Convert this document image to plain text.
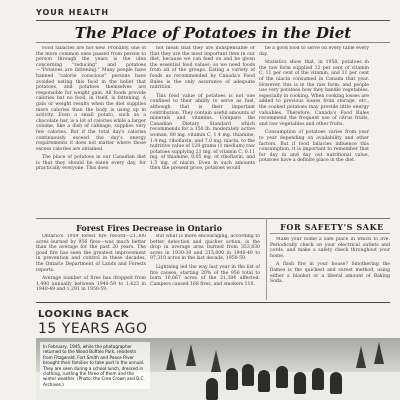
YOUR HEALTH
The Place of Potatoes in the Diet

Food fallacies are not new. Probably, one of the more common ones passed from person to person through the years is the idea concerning "reducing" and potatoes—"Potatoes are fattening." Many people have banned "calorie conscious" persons have avoided eating this food in the belief that potatoes, and potatoes themselves are responsible for weight gain. All foods provide calories but no food, in itself, is fattening. A gain or weight results when the diet supplies more calories than the body is using up in activity. Even a small potato, such as a chocolate bar, is a lot of calories while a larger volume, like a dish of cabbage, supplies very few calories. But if the total day's calories continuously exceed the day's energy requirements it does not matter where those excess calories are obtained.

The place of potatoes in our Canadian diet is that they should be eaten every day, for practically everyone. This does

not mean that they are indispensable or that they are the most important item in our diet, because we can feed on and be given the essential food values; so we need foods from all of the groups. Eating a variety of foods as recommended by Canada's Food Rules is the only assurance of adequate nutrition.

This food value of potatoes is not one confined to their ability to serve as fuel, although that is their important contribution. They contain useful amounts of minerals and vitamins. Compare the Canadian Dietary Standard which recommends for a 150 lb. moderately active woman, 80 mg. vitamin C, 1.4 mg. thiamine, 1.4 mg. riboflavin, and 7.0 mg. niacin, to the nutritive value of 120 grams (1 medium) raw potatoes supplying 21 mg. of vitamin C, 0.11 mg. of thiamine, 0.05 mg. of riboflavin, and 1.5 mg. of niacin. Even in such amounts then the present price, potatoes would

be a good food to serve on every table every day.

Statistics show that, in 1958, potatoes in the raw form supplied 22 per cent of vitamin C, 11 per cent of the vitamin, and 11 per cent of the niacin consumed in Canada that year. However, this is in the raw form, and people use very potatoes how they handle vegetables, especially in cooking. When cooking losses are added to previous losses from storage, etc., the cooked potatoes may provide little energy valuables. Therefore, Canada's Food Rules recommend the frequent use of citrus fruits, and raw vegetables and other fruits.

Consumption of potatoes varies from year to year depending on availability and other factors. But if food fallacies influence this consumption, it is important to remember that for day in and day out nutritional value, potatoes have a definite place in the diet.

Forest Fires Decrease in Ontario

Ontario's 1959 forest fire record—21,300 acres burned by 956 fires—was much better than the average for the past 20 years. The good fire has seen the greatest improvement in prevention and control in these decades, the Ontario Department of Lands and Forests reports.

Average number of fires has dropped from 1,490 annually between 1940-59 to 1,423 in 1940-49 and 1,291 in 1950-59.

But what is more encouraging, according to better detection and quicker action, is the drop in average area burned from 353,830 acres in 1930-39 and 215,000 in 1940-49 to 97,310 acres in the last decade, 1950-59.

Lightning led the way last year in the list of fire causes, starting 20% of the 956 total to burn 10,667 acres of the 21,384 affected. Campers caused 168 fires, and smokers 110.

FOR SAFETY'S SAKE

Make your home a safe place in which to live. Periodically check on your electrical outlets and cords, and make a safety check throughout your home.

A flash fire in your house? Smothering the flames is the quickest and surest method, using either a blanket or a liberal amount of Baking Soda.

LOOKING BACK
15 YEARS AGO
In February, 1945, while the photographer returned to the Wood Buffalo Park, residents from Fitzgerald, Fort Smith and Peace River brought their families to take part in the annual. They are seen during a school lunch, dressed in clothing, rustling the three of them and the winter weather. (Photo: the Cree Crown and B.C. Archives.)
